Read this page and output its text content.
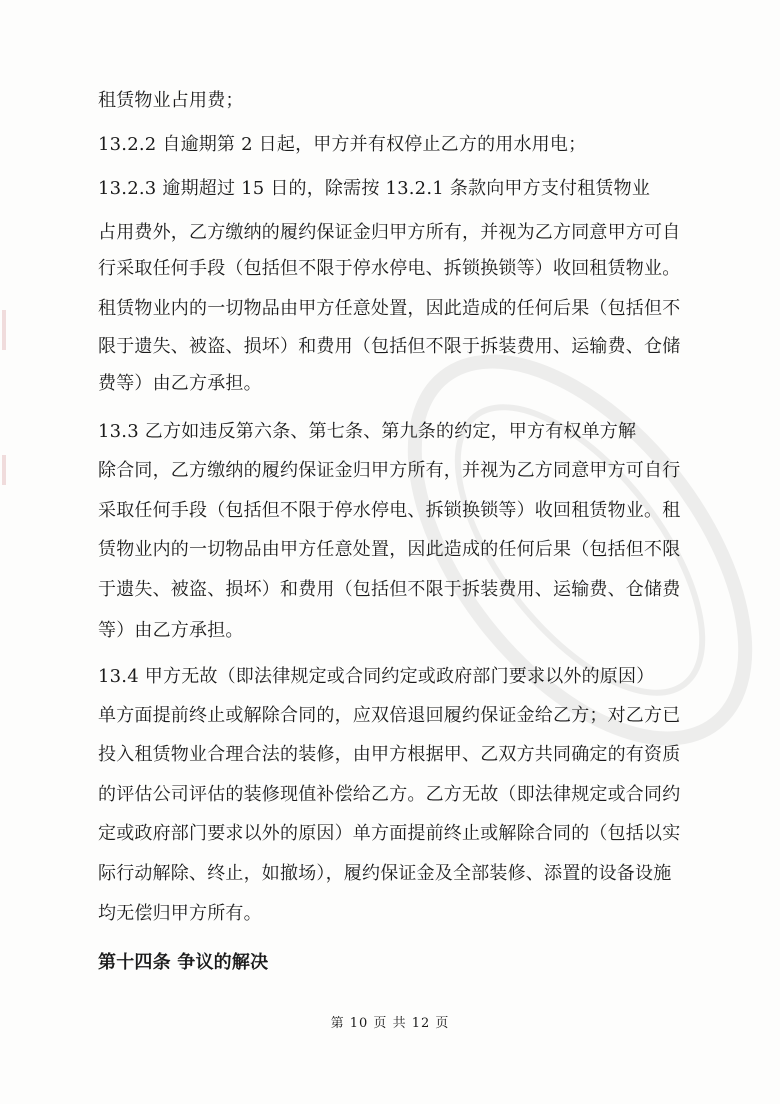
租赁物业占用费；
13.2.2 自逾期第 2 日起，甲方并有权停止乙方的用水用电；
13.2.3 逾期超过 15 日的，除需按 13.2.1 条款向甲方支付租赁物业
占用费外，乙方缴纳的履约保证金归甲方所有，并视为乙方同意甲方可自
行采取任何手段（包括但不限于停水停电、拆锁换锁等）收回租赁物业。
租赁物业内的一切物品由甲方任意处置，因此造成的任何后果（包括但不
限于遗失、被盗、损坏）和费用（包括但不限于拆装费用、运输费、仓储
费等）由乙方承担。
13.3 乙方如违反第六条、第七条、第九条的约定，甲方有权单方解
除合同，乙方缴纳的履约保证金归甲方所有，并视为乙方同意甲方可自行
采取任何手段（包括但不限于停水停电、拆锁换锁等）收回租赁物业。租
赁物业内的一切物品由甲方任意处置，因此造成的任何后果（包括但不限
于遗失、被盗、损坏）和费用（包括但不限于拆装费用、运输费、仓储费
等）由乙方承担。
13.4 甲方无故（即法律规定或合同约定或政府部门要求以外的原因）
单方面提前终止或解除合同的，应双倍退回履约保证金给乙方；对乙方已
投入租赁物业合理合法的装修，由甲方根据甲、乙双方共同确定的有资质
的评估公司评估的装修现值补偿给乙方。乙方无故（即法律规定或合同约
定或政府部门要求以外的原因）单方面提前终止或解除合同的（包括以实
际行动解除、终止，如撤场），履约保证金及全部装修、添置的设备设施
均无偿归甲方所有。
第十四条 争议的解决
第 10 页 共 12 页
